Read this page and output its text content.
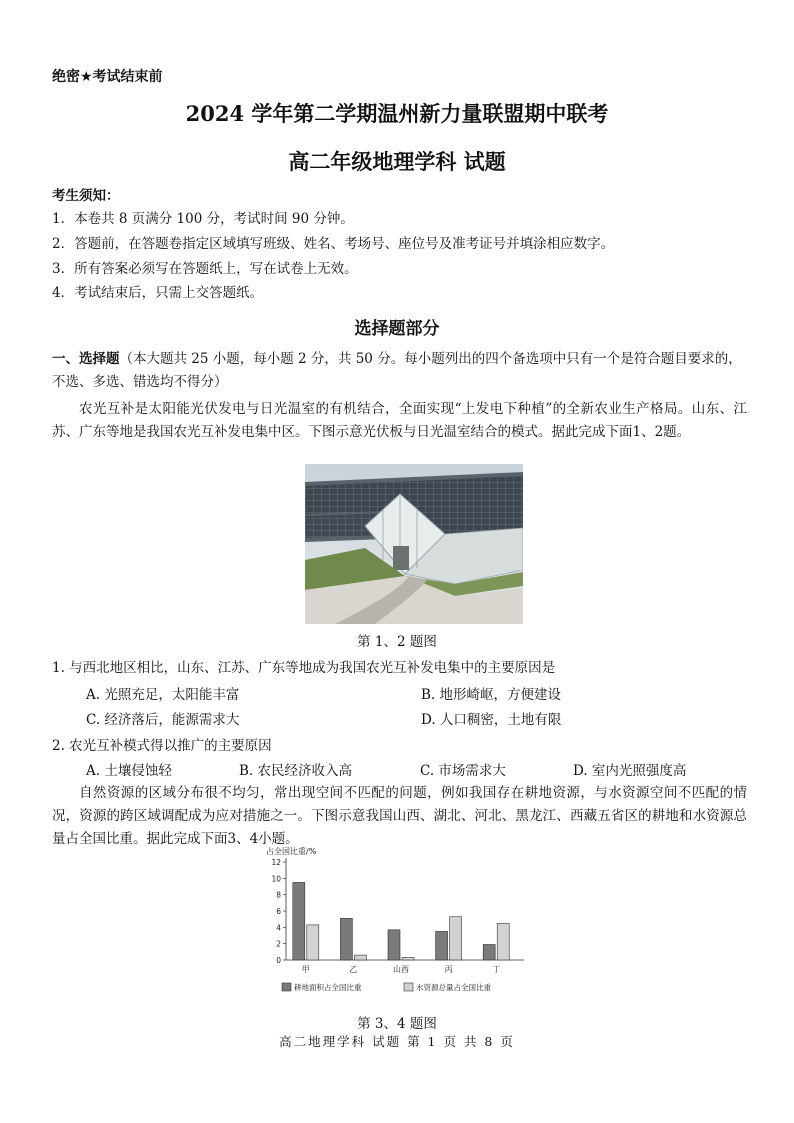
绝密★考试结束前
2024 学年第二学期温州新力量联盟期中联考
高二年级地理学科 试题
考生须知：
1．本卷共 8 页满分 100 分，考试时间 90 分钟。
2．答题前，在答题卷指定区域填写班级、姓名、考场号、座位号及准考证号并填涂相应数字。
3．所有答案必须写在答题纸上，写在试卷上无效。
4．考试结束后，只需上交答题纸。
选择题部分
一、选择题（本大题共 25 小题，每小题 2 分，共 50 分。每小题列出的四个备选项中只有一个是符合题目要求的，不选、多选、错选均不得分）
农光互补是太阳能光伏发电与日光温室的有机结合，全面实现“上发电下种植”的全新农业生产格局。山东、江苏、广东等地是我国农光互补发电集中区。下图示意光伏板与日光温室结合的模式。据此完成下面1、2题。
第 1、2 题图
1. 与西北地区相比，山东、江苏、广东等地成为我国农光互补发电集中的主要原因是
A. 光照充足，太阳能丰富	B. 地形崎岖，方便建设
C. 经济落后，能源需求大	D. 人口稠密，土地有限
2. 农光互补模式得以推广的主要原因
A. 土壤侵蚀轻	B. 农民经济收入高	C. 市场需求大	D. 室内光照强度高
自然资源的区域分布很不均匀，常出现空间不匹配的问题，例如我国存在耕地资源，与水资源空间不匹配的情况，资源的跨区域调配成为应对措施之一。下图示意我国山西、湖北、河北、黑龙江、西藏五省区的耕地和水资源总量占全国比重。据此完成下面3、4小题。
占全国比重/%
0
2
4
6
8
10
12
甲	乙	山西	丙	丁
耕地面积占全国比重	水资源总量占全国比重
第 3、4 题图
高二地理学科 试题 第 1 页 共 8 页
